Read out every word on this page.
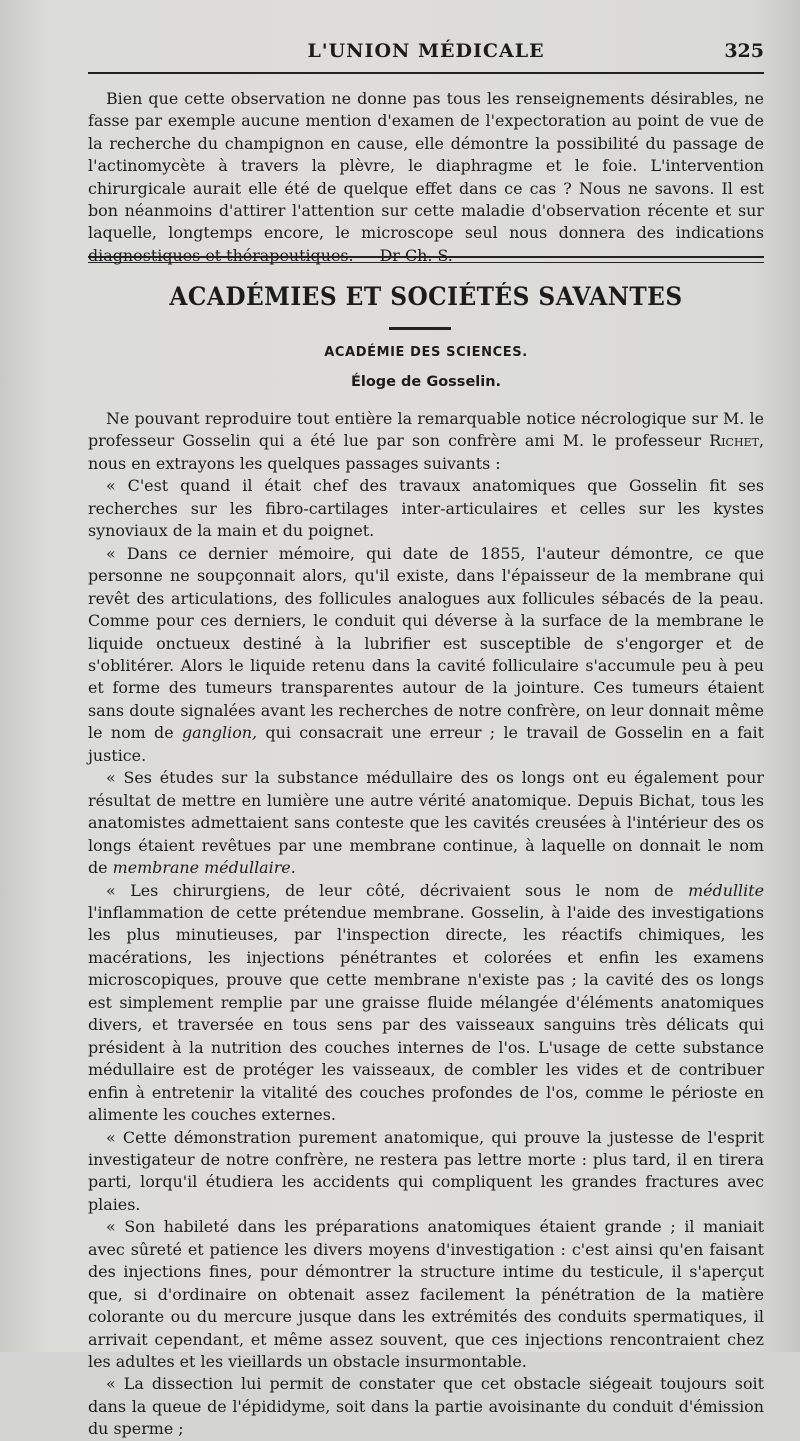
L'UNION MÉDICALE	325

Bien que cette observation ne donne pas tous les renseignements désirables, ne fasse par exemple aucune mention d'examen de l'expectoration au point de vue de la recherche du champignon en cause, elle démontre la possibilité du passage de l'actinomycète à travers la plèvre, le diaphragme et le foie. L'intervention chirurgicale aurait elle été de quelque effet dans ce cas ? Nous ne savons. Il est bon néanmoins d'attirer l'attention sur cette maladie d'observation récente et sur laquelle, longtemps encore, le microscope seul nous donnera des indications

ACADÉMIES ET SOCIÉTÉS SAVANTES
ACADÉMIE DES SCIENCES.
Éloge de Gosselin.

Ne pouvant reproduire tout entière la remarquable notice nécrologique sur M. le professeur Gosselin qui a été lue par son confrère ami M. le professeur Richet, nous en extrayons les quelques passages suivants :

« C'est quand il était chef des travaux anatomiques que Gosselin fit ses recherches sur les fibro-cartilages inter-articulaires et celles sur les kystes synoviaux de la main et du poignet.

« Dans ce dernier mémoire, qui date de 1855, l'auteur démontre, ce que personne ne soupçonnait alors, qu'il existe, dans l'épaisseur de la membrane qui revêt des articulations, des follicules analogues aux follicules sébacés de la peau. Comme pour ces derniers, le conduit qui déverse à la surface de la membrane le liquide onctueux destiné à la lubrifier est susceptible de s'engorger et de s'oblitérer. Alors le liquide retenu dans la cavité folliculaire s'accumule peu à peu et forme des tumeurs transparentes autour de la jointure. Ces tumeurs étaient sans doute signalées avant les recherches de notre confrère, on leur donnait même le nom de ganglion, qui consacrait une erreur ; le travail de Gosselin en a fait justice.

« Ses études sur la substance médullaire des os longs ont eu également pour résultat de mettre en lumière une autre vérité anatomique. Depuis Bichat, tous les anatomistes admettaient sans conteste que les cavités creusées à l'intérieur des os longs étaient revêtues par une membrane continue, à laquelle on donnait le nom de membrane médullaire.

« Les chirurgiens, de leur côté, décrivaient sous le nom de médullite l'inflammation de cette prétendue membrane. Gosselin, à l'aide des investigations les plus minutieuses, par l'inspection directe, les réactifs chimiques, les macérations, les injections pénétrantes et colorées et enfin les examens microscopiques, prouve que cette membrane n'existe pas ; la cavité des os longs est simplement remplie par une graisse fluide mélangée d'éléments anatomiques divers, et traversée en tous sens par des vaisseaux sanguins très délicats qui président à la nutrition des couches internes de l'os. L'usage de cette substance médullaire est de protéger les vaisseaux, de combler les vides et de contribuer enfin à entretenir la vitalité des couches profondes de l'os, comme le périoste en alimente les couches externes.

« Cette démonstration purement anatomique, qui prouve la justesse de l'esprit investigateur de notre confrère, ne restera pas lettre morte : plus tard, il en tirera parti, lorqu'il étudiera les accidents qui compliquent les grandes fractures avec plaies.

« Son habileté dans les préparations anatomiques étaient grande ; il maniait avec sûreté et patience les divers moyens d'investigation : c'est ainsi qu'en faisant des injections fines, pour démontrer la structure intime du testicule, il s'aperçut que, si d'ordinaire on obtenait assez facilement la pénétration de la matière colorante ou du mercure jusque dans les extrémités des conduits spermatiques, il arrivait cependant, et même assez souvent, que ces injections rencontraient chez les adultes et les vieillards un obstacle insurmontable.

« La dissection lui permit de constater que cet obstacle siégeait toujours soit dans la queue de l'épididyme, soit dans la partie avoisinante du conduit d'émission du sperme ;
